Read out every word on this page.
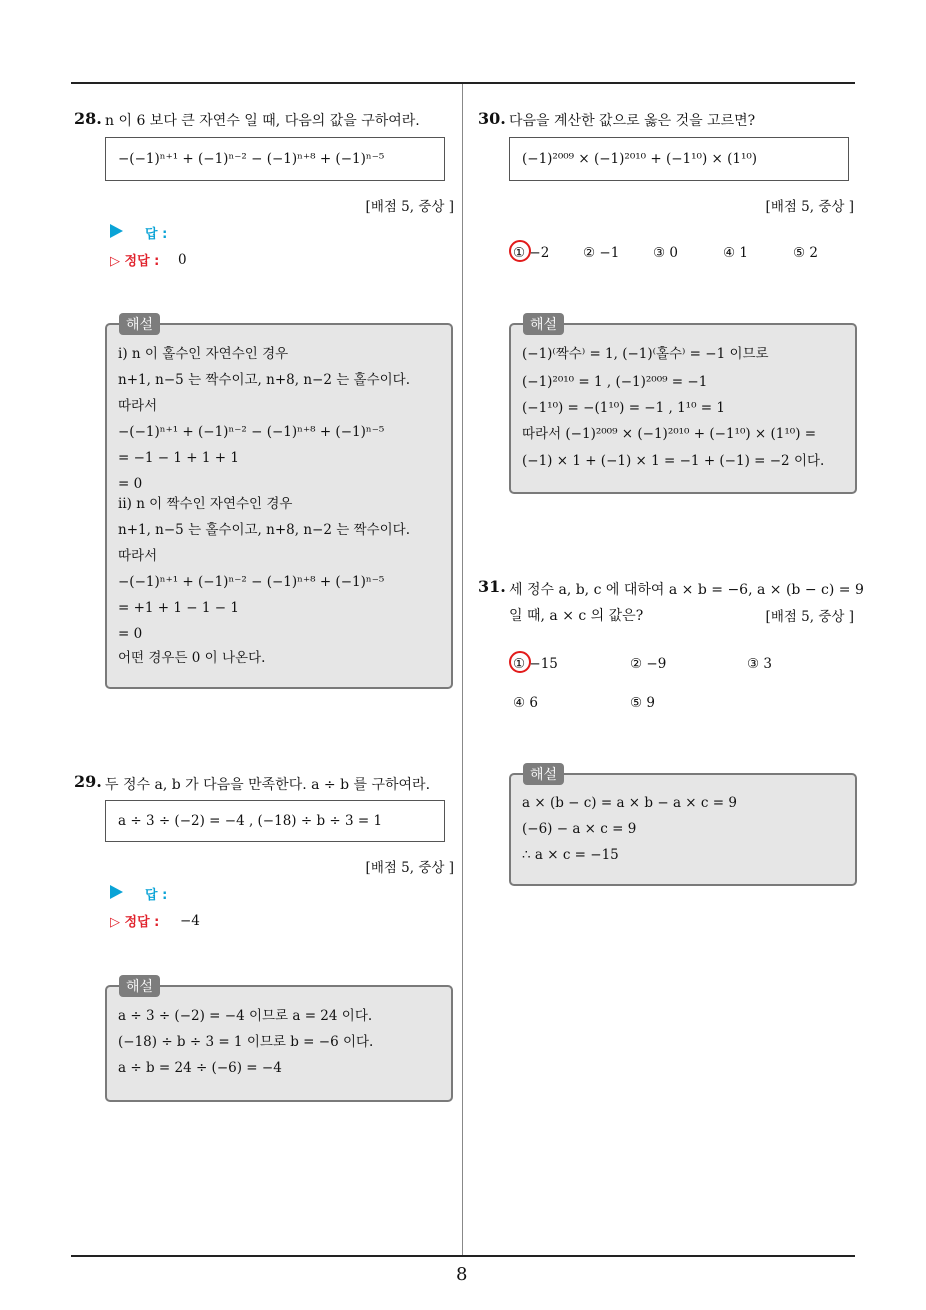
8
28. n 이 6 보다 큰 자연수 일 때, 다음의 값을 구하여라.
−(−1)ⁿ⁺¹ + (−1)ⁿ⁻² − (−1)ⁿ⁺⁸ + (−1)ⁿ⁻⁵
[배점 5, 중상 ]
답 :
▷ 정답 : 0
해설
ⅰ) n 이 홀수인 자연수인 경우
n+1, n−5 는 짝수이고, n+8, n−2 는 홀수이다.
따라서
−(−1)ⁿ⁺¹ + (−1)ⁿ⁻² − (−1)ⁿ⁺⁸ + (−1)ⁿ⁻⁵
= −1 − 1 + 1 + 1
= 0
ⅱ) n 이 짝수인 자연수인 경우
n+1, n−5 는 홀수이고, n+8, n−2 는 짝수이다.
따라서
−(−1)ⁿ⁺¹ + (−1)ⁿ⁻² − (−1)ⁿ⁺⁸ + (−1)ⁿ⁻⁵
= +1 + 1 − 1 − 1
= 0
어떤 경우든 0 이 나온다.
29. 두 정수 a, b 가 다음을 만족한다. a ÷ b 를 구하여라.
a ÷ 3 ÷ (−2) = −4 , (−18) ÷ b ÷ 3 = 1
[배점 5, 중상 ]
답 :
▷ 정답 : −4
해설
a ÷ 3 ÷ (−2) = −4 이므로 a = 24 이다.
(−18) ÷ b ÷ 3 = 1 이므로 b = −6 이다.
a ÷ b = 24 ÷ (−6) = −4
30. 다음을 계산한 값으로 옳은 것을 고르면?
(−1)²⁰⁰⁹ × (−1)²⁰¹⁰ + (−1¹⁰) × (1¹⁰)
[배점 5, 중상 ]
① −2 ② −1 ③ 0	④ 1	⑤ 2
해설
(−1)⁽짝수⁾ = 1, (−1)⁽홀수⁾ = −1 이므로
(−1)²⁰¹⁰ = 1 , (−1)²⁰⁰⁹ = −1
(−1¹⁰) = −(1¹⁰) = −1 , 1¹⁰ = 1
따라서 (−1)²⁰⁰⁹ × (−1)²⁰¹⁰ + (−1¹⁰) × (1¹⁰) =
(−1) × 1 + (−1) × 1 = −1 + (−1) = −2 이다.
31. 세 정수 a, b, c 에 대하여 a × b = −6, a × (b − c) = 9
일 때, a × c 의 값은?	[배점 5, 중상 ]
① −15	② −9	③ 3
④ 6	⑤ 9
해설
a × (b − c) = a × b − a × c = 9
(−6) − a × c = 9
∴ a × c = −15
